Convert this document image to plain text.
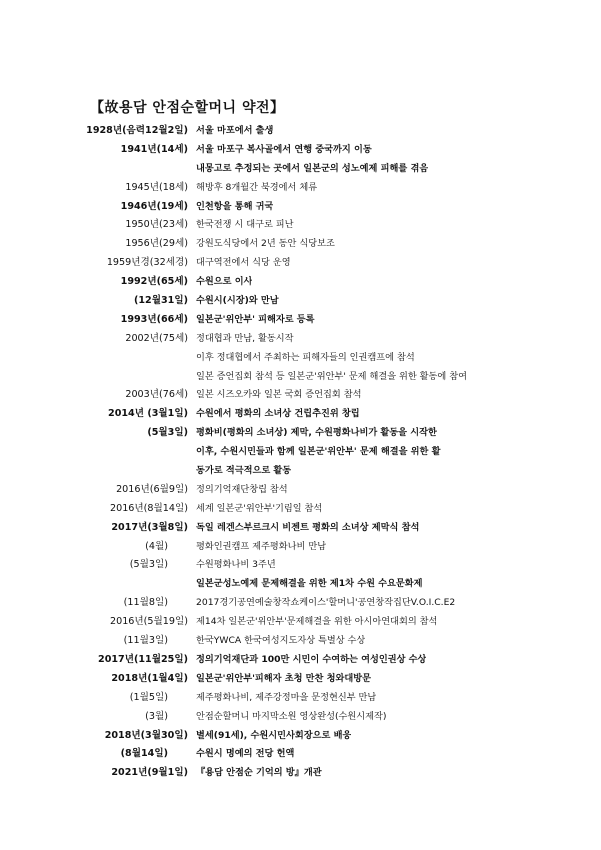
【故용담 안점순할머니 약전】
1928년(음력12월2일) 서울 마포에서 출생
1941년(14세) 서울 마포구 복사골에서 연행 중국까지 이동
내몽고로 추정되는 곳에서 일본군의 성노예제 피해를 겪음
1945년(18세) 해방후 8개월간 북경에서 체류
1946년(19세) 인천항을 통해 귀국
1950년(23세) 한국전쟁 시 대구로 피난
1956년(29세) 강원도식당에서 2년 동안 식당보조
1959년경(32세경) 대구역전에서 식당 운영
1992년(65세) 수원으로 이사
(12월31일) 수원시(시장)와 만남
1993년(66세) 일본군'위안부' 피해자로 등록
2002년(75세) 정대협과 만남, 활동시작
이후 정대협에서 주최하는 피해자들의 인권캠프에 참석
일본 증언집회 참석 등 일본군'위안부' 문제 해결을 위한 활동에 참여
2003년(76세) 일본 시즈오카와 일본 국회 증언집회 참석
2014년 (3월1일) 수원에서 평화의 소녀상 건립추진위 창립
(5월3일) 평화비(평화의 소녀상) 제막, 수원평화나비가 활동을 시작한
이후, 수원시민들과 함께 일본군'위안부' 문제 해결을 위한 활
동가로 적극적으로 활동
2016년(6월9일) 정의기억재단창립 참석
2016년(8월14일) 세계 일본군'위안부'기림일 참석
2017년(3월8일) 독일 레겐스부르크시 비젠트 평화의 소녀상 제막식 참석
(4월)	평화인권캠프 제주평화나비 만남
(5월3일)	수원평화나비 3주년
일본군성노예제 문제해결을 위한 제1차 수원 수요문화제
(11월8일)	2017경기공연예술창작쇼케이스'할머니'공연창작집단V.O.I.C.E2
2016년(5월19일) 제14차 일본군'위안부'문제해결을 위한 아시아연대회의 참석
(11월3일)	한국YWCA 한국여성지도자상 특별상 수상
2017년(11월25일) 정의기억재단과 100만 시민이 수여하는 여성인권상 수상
2018년(1월4일) 일본군'위안부'피해자 초청 만찬 청와대방문
(1월5일)	제주평화나비, 제주강정마을 문정현신부 만남
(3월)	안점순할머니 마지막소원 영상완성(수원시제작)
2018년(3월30일) 별세(91세), 수원시민사회장으로 배웅
(8월14일)	수원시 명예의 전당 헌액
2021년(9월1일) 『용담 안점순 기억의 방』개관
